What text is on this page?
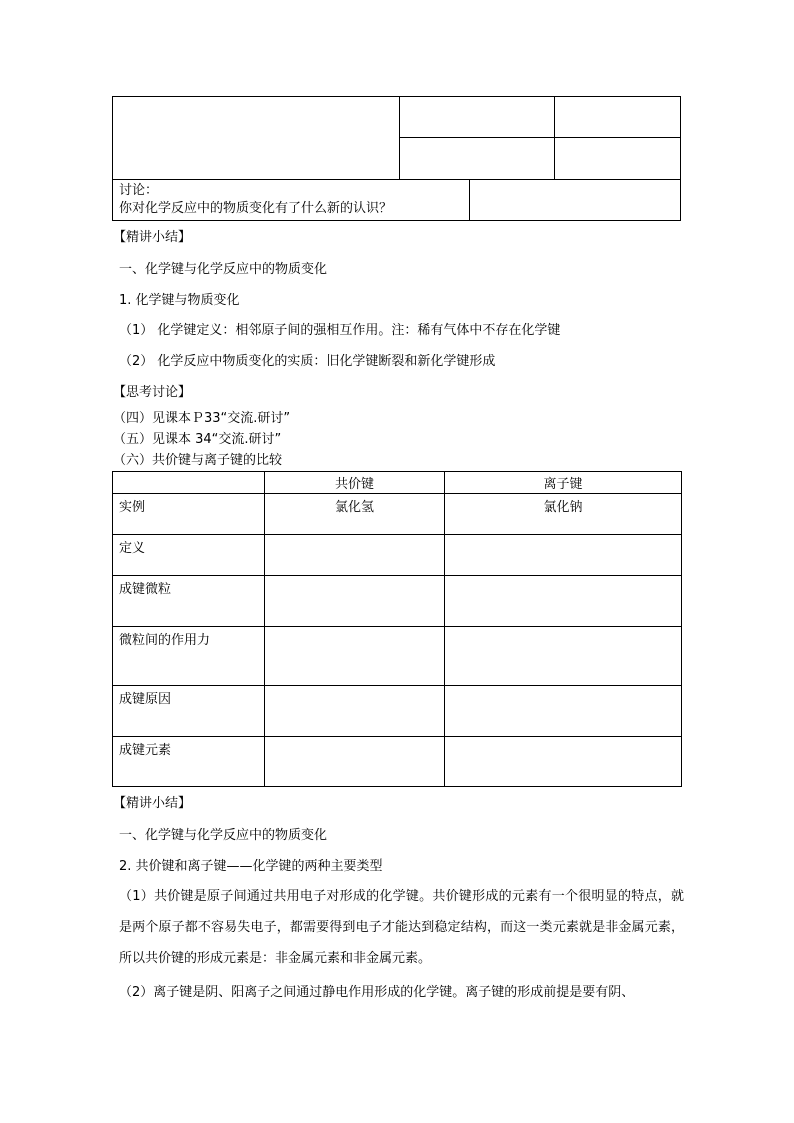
讨论：
你对化学反应中的物质变化有了什么新的认识？
【精讲小结】
一、化学键与化学反应中的物质变化
1. 化学键与物质变化
（1） 化学键定义：相邻原子间的强相互作用。注：稀有气体中不存在化学键
（2） 化学反应中物质变化的实质：旧化学键断裂和新化学键形成
【思考讨论】
（四）见课本Ｐ33“交流.研讨”
（五）见课本 34“交流.研讨”
（六）共价键与离子键的比较
	共价键	离子键
实例	氯化氢	氯化钠
定义		
成键微粒		
微粒间的作用力		
成键原因		
成键元素		
【精讲小结】
一、化学键与化学反应中的物质变化
2. 共价键和离子键——化学键的两种主要类型
（1）共价键是原子间通过共用电子对形成的化学键。共价键形成的元素有一个很明显的特点，就是两个原子都不容易失电子，都需要得到电子才能达到稳定结构，而这一类元素就是非金属元素，所以共价键的形成元素是：非金属元素和非金属元素。
（2）离子键是阴、阳离子之间通过静电作用形成的化学键。离子键的形成前提是要有阴、
